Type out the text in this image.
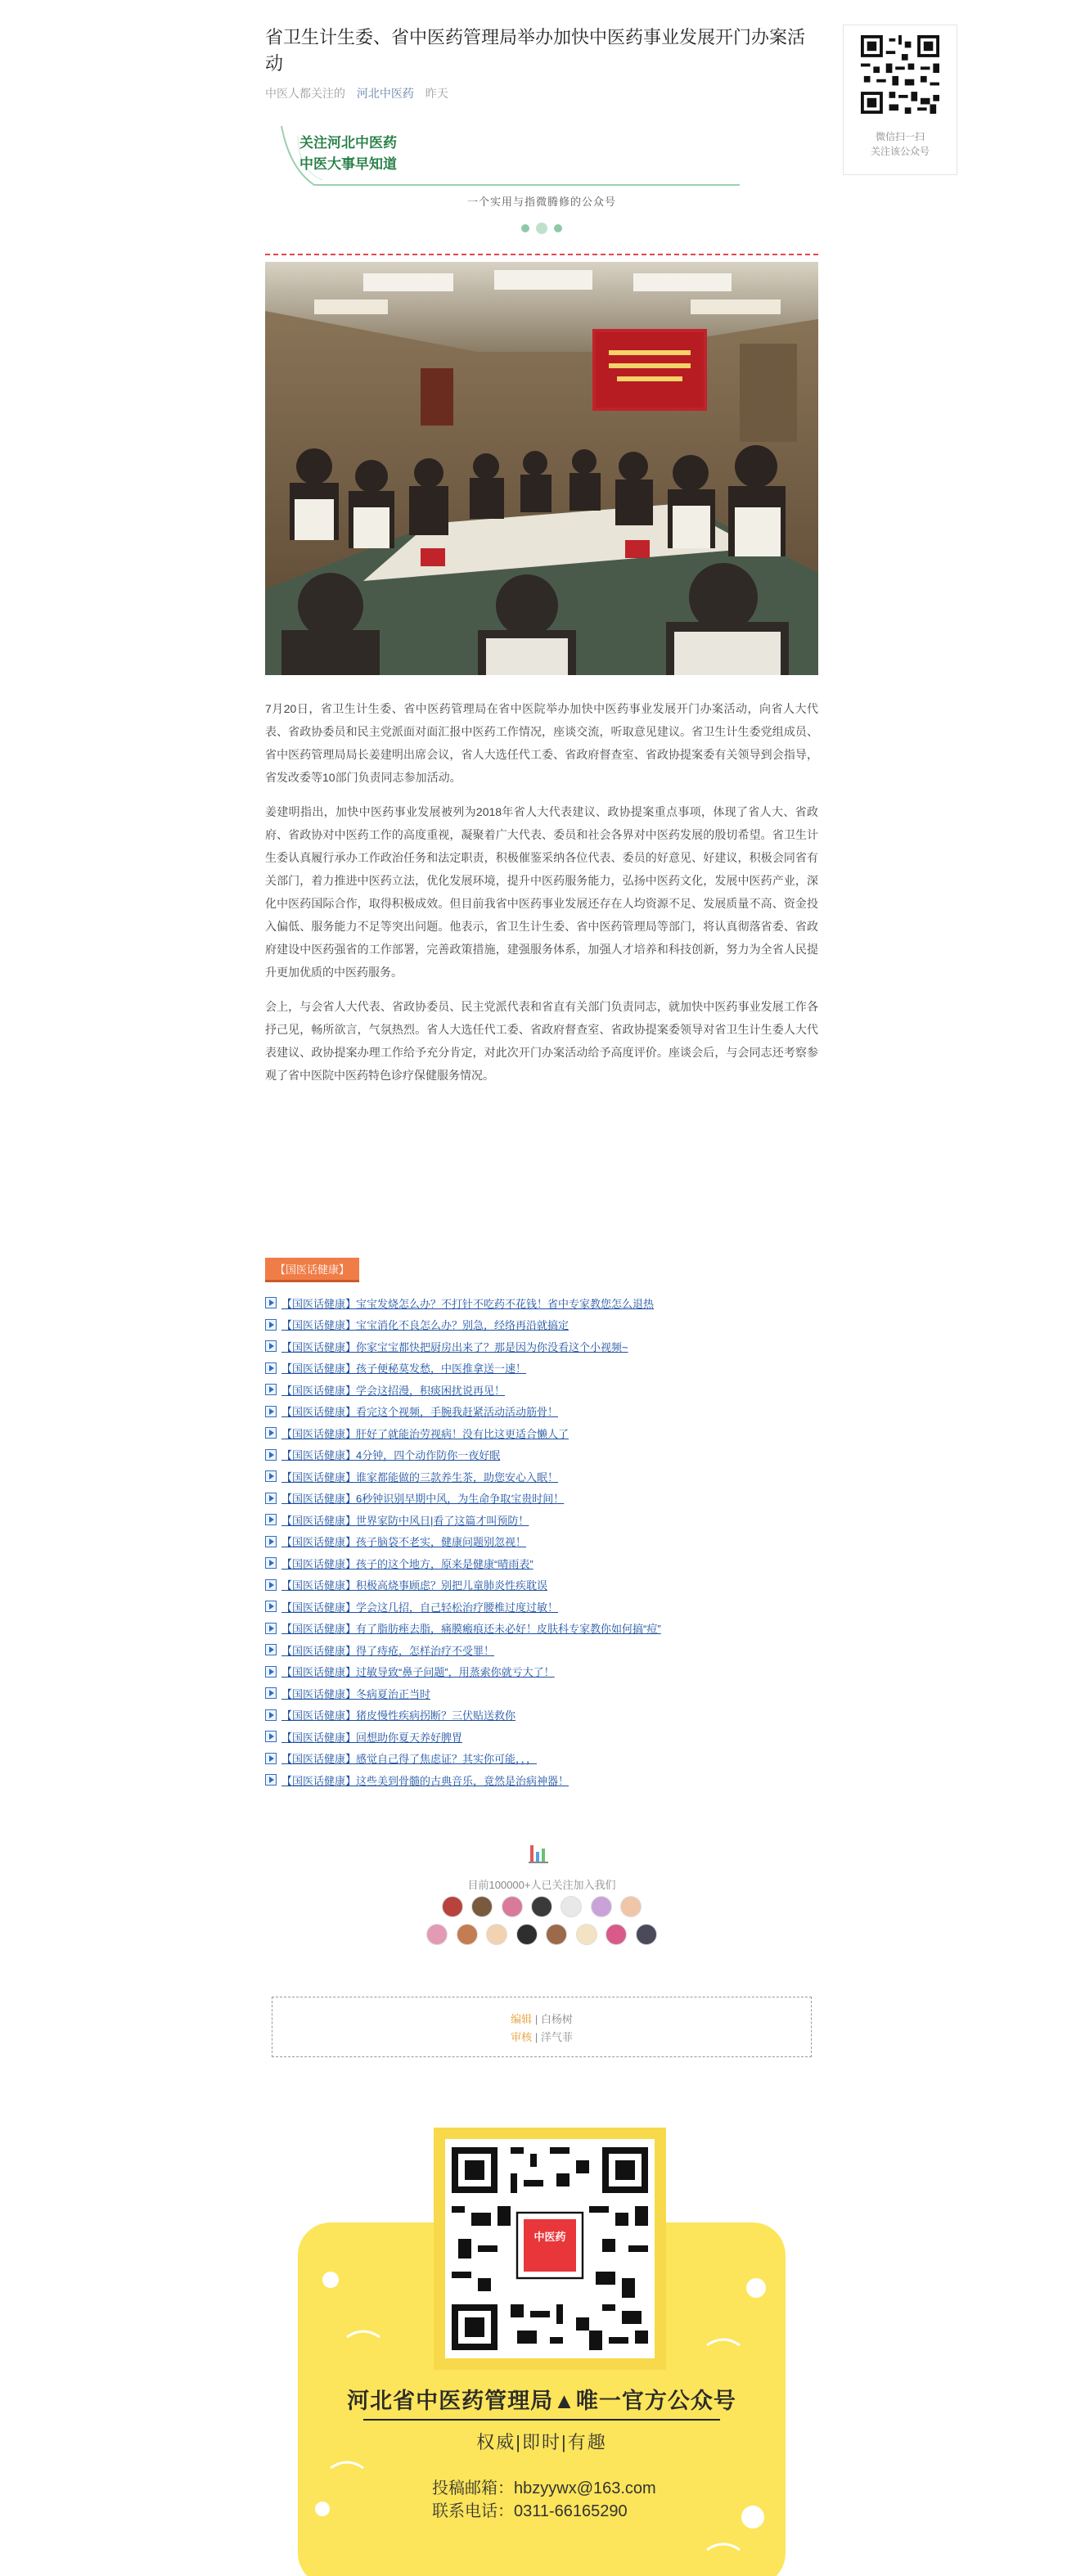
省卫生计生委、省中医药管理局举办加快中医药事业发展开门办案活动
中医人都关注的 河北中医药 昨天
关注河北中医药
中医大事早知道
一个实用与指微腾修的公众号

7月20日，省卫生计生委、省中医药管理局在省中医院举办加快中医药事业发展开门办案活动，向省人大代表、省政协委员和民主党派面对面汇报中医药工作情况，座谈交流，听取意见建议。省卫生计生委党组成员、省中医药管理局局长姜建明出席会议，省人大选任代工委、省政府督查室、省政协提案委有关领导到会指导，省发改委等10部门负责同志参加活动。

姜建明指出，加快中医药事业发展被列为2018年省人大代表建议、政协提案重点事项，体现了省人大、省政府、省政协对中医药工作的高度重视，凝聚着广大代表、委员和社会各界对中医药发展的殷切希望。省卫生计生委认真履行承办工作政治任务和法定职责，积极催鉴采纳各位代表、委员的好意见、好建议，积极会同省有关部门，着力推进中医药立法，优化发展环境，提升中医药服务能力，弘扬中医药文化，发展中医药产业，深化中医药国际合作，取得积极成效。但目前我省中医药事业发展还存在人均资源不足、发展质量不高、资金投入偏低、服务能力不足等突出问题。他表示，省卫生计生委、省中医药管理局等部门，将认真彻落省委、省政府建设中医药强省的工作部署，完善政策措施，建强服务体系，加强人才培养和科技创新，努力为全省人民提升更加优质的中医药服务。

会上，与会省人大代表、省政协委员、民主党派代表和省直有关部门负责同志，就加快中医药事业发展工作各抒己见，畅所欲言，气氛热烈。省人大选任代工委、省政府督查室、省政协提案委领导对省卫生计生委人大代表建议、政协提案办理工作给予充分肯定，对此次开门办案活动给予高度评价。座谈会后，与会同志还考察参观了省中医院中医药特色诊疗保健服务情况。

【国医话健康】
【国医话健康】宝宝发烧怎么办？不打针不吃药不花钱！省中专家教您怎么退热
【国医话健康】宝宝消化不良怎么办？别急，经络再沿就搞定
【国医话健康】你家宝宝都快把厨房出来了？那是因为你没看这个小视频~
【国医话健康】孩子便秘莫发愁，中医推拿送一速！
【国医话健康】学会这招漫，积痰困扰说再见！
【国医话健康】看完这个视频，手腕我赶紧活动活动筋骨！
【国医话健康】肝好了就能治劳视病！没有比这更适合懒人了
【国医话健康】4分钟，四个动作防你一夜好眠
【国医话健康】谁家都能做的三款养生茶，助您安心入眠！
【国医话健康】6秒钟识别早期中风，为生命争取宝贵时间！
【国医话健康】世界家防中风日|看了这篇才叫预防！
【国医话健康】孩子脑袋不老实，健康问题别忽视！
【国医话健康】孩子的这个地方，原来是健康“晴雨表”
【国医话健康】积极高烧事顾虑？别把儿童肺炎性疾耽误
【国医话健康】学会这几招，自己轻松治疗腰椎过度过敏！
【国医话健康】有了脂肪痤去脂，痛膜瘢痕还未必好！皮肤科专家教你如何搞“痘”
【国医话健康】得了痔疮，怎样治疗不受罪！
【国医话健康】过敏导致“鼻子问题”，用蒸索你就亏大了！
【国医话健康】冬病夏治正当时
【国医话健康】猪皮慢性疾病拐断？三伏贴送救你
【国医话健康】回想助你夏天养好脾胃
【国医话健康】感觉自己得了焦虑证？其实你可能，，，
【国医话健康】这些美到骨髓的古典音乐，竟然是治病神器！
目前100000+人已关注加入我们

编辑 | 白杨树
审核 | 洋气菲
中医药
河北省中医药管理局▲唯一官方公众号
权威|即时|有趣
投稿邮箱：hbzyywx@163.com
联系电话：0311-66165290
微信扫一扫
关注该公众号
